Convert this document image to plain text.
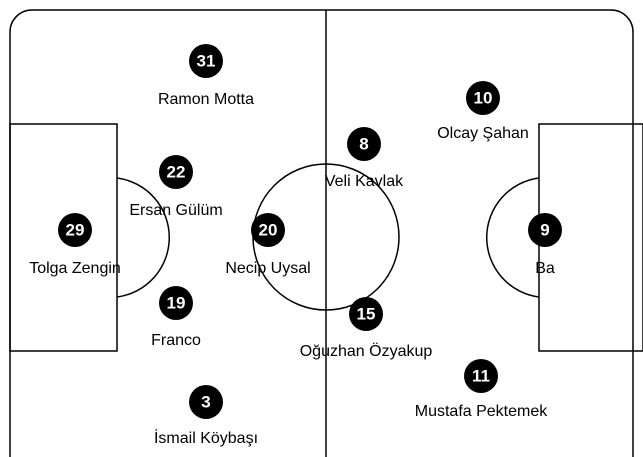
31
Ramon Motta	10
Olcay Şahan
8
Veli Kavlak
22
Ersan Gülüm
29
Tolga Zengin
20
Necip Uysal
9
Ba
19
Franco
15
Oğuzhan Özyakup
11
Mustafa Pektemek
3
İsmail Köybaşı
